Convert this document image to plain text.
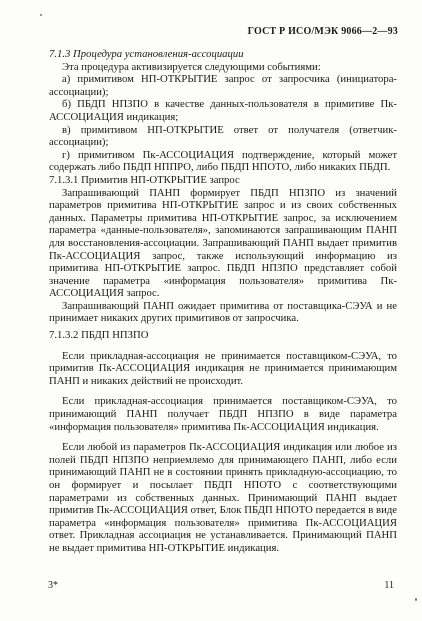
ГОСТ Р ИСО/МЭК 9066—2—93

7.1.3 Процедура установления-ассоциации

Эта процедура активизируется следующими событиями:

а) примитивом НП-ОТКРЫТИЕ запрос от запросчика (инициатора-ассоциации);

б) ПБДП НПЗПО в качестве данных-пользователя в примитиве Пк-АССОЦИАЦИЯ индикация;

в) примитивом НП-ОТКРЫТИЕ ответ от получателя (ответчик-ассоциации);

г) примитивом Пк-АССОЦИАЦИЯ подтверждение, который может содержать либо ПБДП НППРО, либо ПБДП НПОТО, либо никаких ПБДП.

7.1.3.1 Примитив НП-ОТКРЫТИЕ запрос

Запрашивающий ПАНП формирует ПБДП НПЗПО из значений параметров примитива НП-ОТКРЫТИЕ запрос и из своих собственных данных. Параметры примитива НП-ОТКРЫТИЕ запрос, за исключением параметра «данные-пользователя», запоминаются запрашивающим ПАНП для восстановления-ассоциации. Запрашивающий ПАНП выдает примитив Пк-АССОЦИАЦИЯ запрос, также использующий информацию из примитива НП-ОТКРЫТИЕ запрос. ПБДП НПЗПО представляет собой значение параметра «информация пользователя» примитива Пк-АССОЦИАЦИЯ запрос.

Запрашивающий ПАНП ожидает примитива от поставщика-СЭУА и не принимает никаких других примитивов от запросчика.

7.1.3.2 ПБДП НПЗПО

Если прикладная-ассоциация не принимается поставщиком-СЭУА, то примитив Пк-АССОЦИАЦИЯ индикация не принимается принимающим ПАНП и никаких действий не происходит.

Если прикладная-ассоциация принимается поставщиком-СЭУА, то принимающий ПАНП получает ПБДП НПЗПО в виде параметра «информация пользователя» примитива Пк-АССОЦИАЦИЯ индикация.

Если любой из параметров Пк-АССОЦИАЦИЯ индикация или любое из полей ПБДП НПЗПО неприемлемо для принимающего ПАНП, либо если принимающий ПАНП не в состоянии принять прикладную-ассоциацию, то он формирует и посылает ПБДП НПОТО с соответствующими параметрами из собственных данных. Принимающий ПАНП выдает примитив Пк-АССОЦИАЦИЯ ответ, Блок ПБДП НПОТО передается в виде параметра «информация пользователя» примитива Пк-АССОЦИАЦИЯ ответ. Прикладная ассоциация не устанавливается. Принимающий ПАНП не выдает примитива НП-ОТКРЫТИЕ индикация.

3*	11
